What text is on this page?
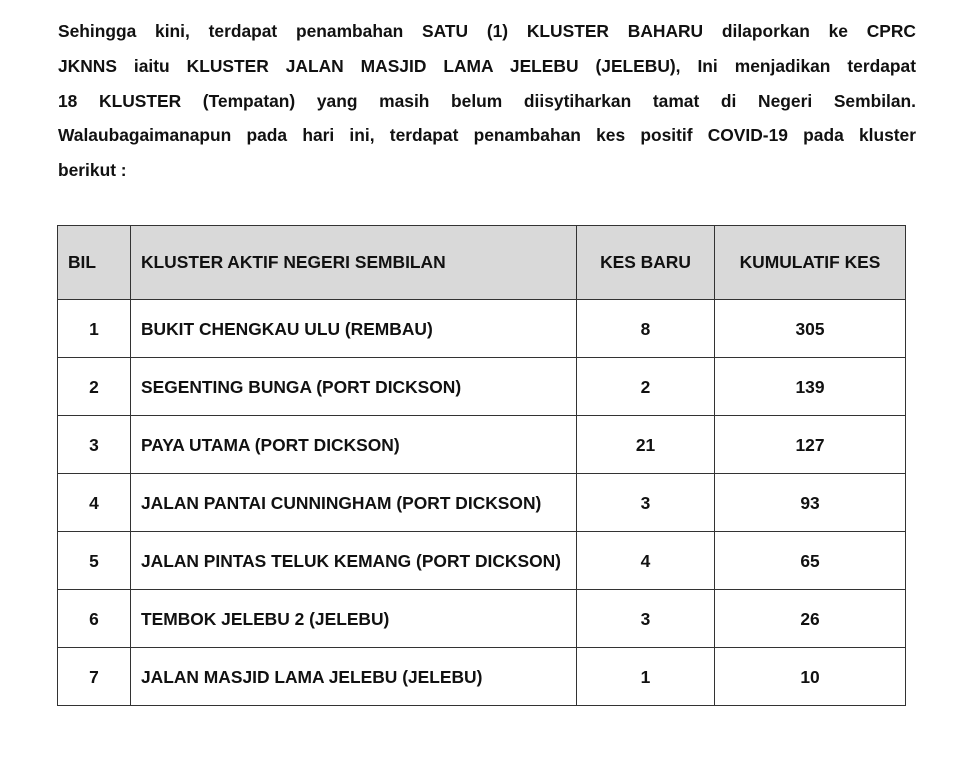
Sehingga kini, terdapat penambahan SATU (1) KLUSTER BAHARU dilaporkan ke CPRC
JKNNS iaitu KLUSTER JALAN MASJID LAMA JELEBU (JELEBU), Ini menjadikan terdapat
18 KLUSTER (Tempatan) yang masih belum diisytiharkan tamat di Negeri Sembilan.
Walaubagaimanapun pada hari ini, terdapat penambahan kes positif COVID-19 pada kluster
berikut :

BIL	KLUSTER AKTIF NEGERI SEMBILAN	KES BARU	KUMULATIF KES
1	BUKIT CHENGKAU ULU (REMBAU)	8	305
2	SEGENTING BUNGA (PORT DICKSON)	2	139
3	PAYA UTAMA (PORT DICKSON)	21	127
4	JALAN PANTAI CUNNINGHAM (PORT DICKSON)	3	93
5	JALAN PINTAS TELUK KEMANG (PORT DICKSON)	4	65
6	TEMBOK JELEBU 2 (JELEBU)	3	26
7	JALAN MASJID LAMA JELEBU (JELEBU)	1	10
